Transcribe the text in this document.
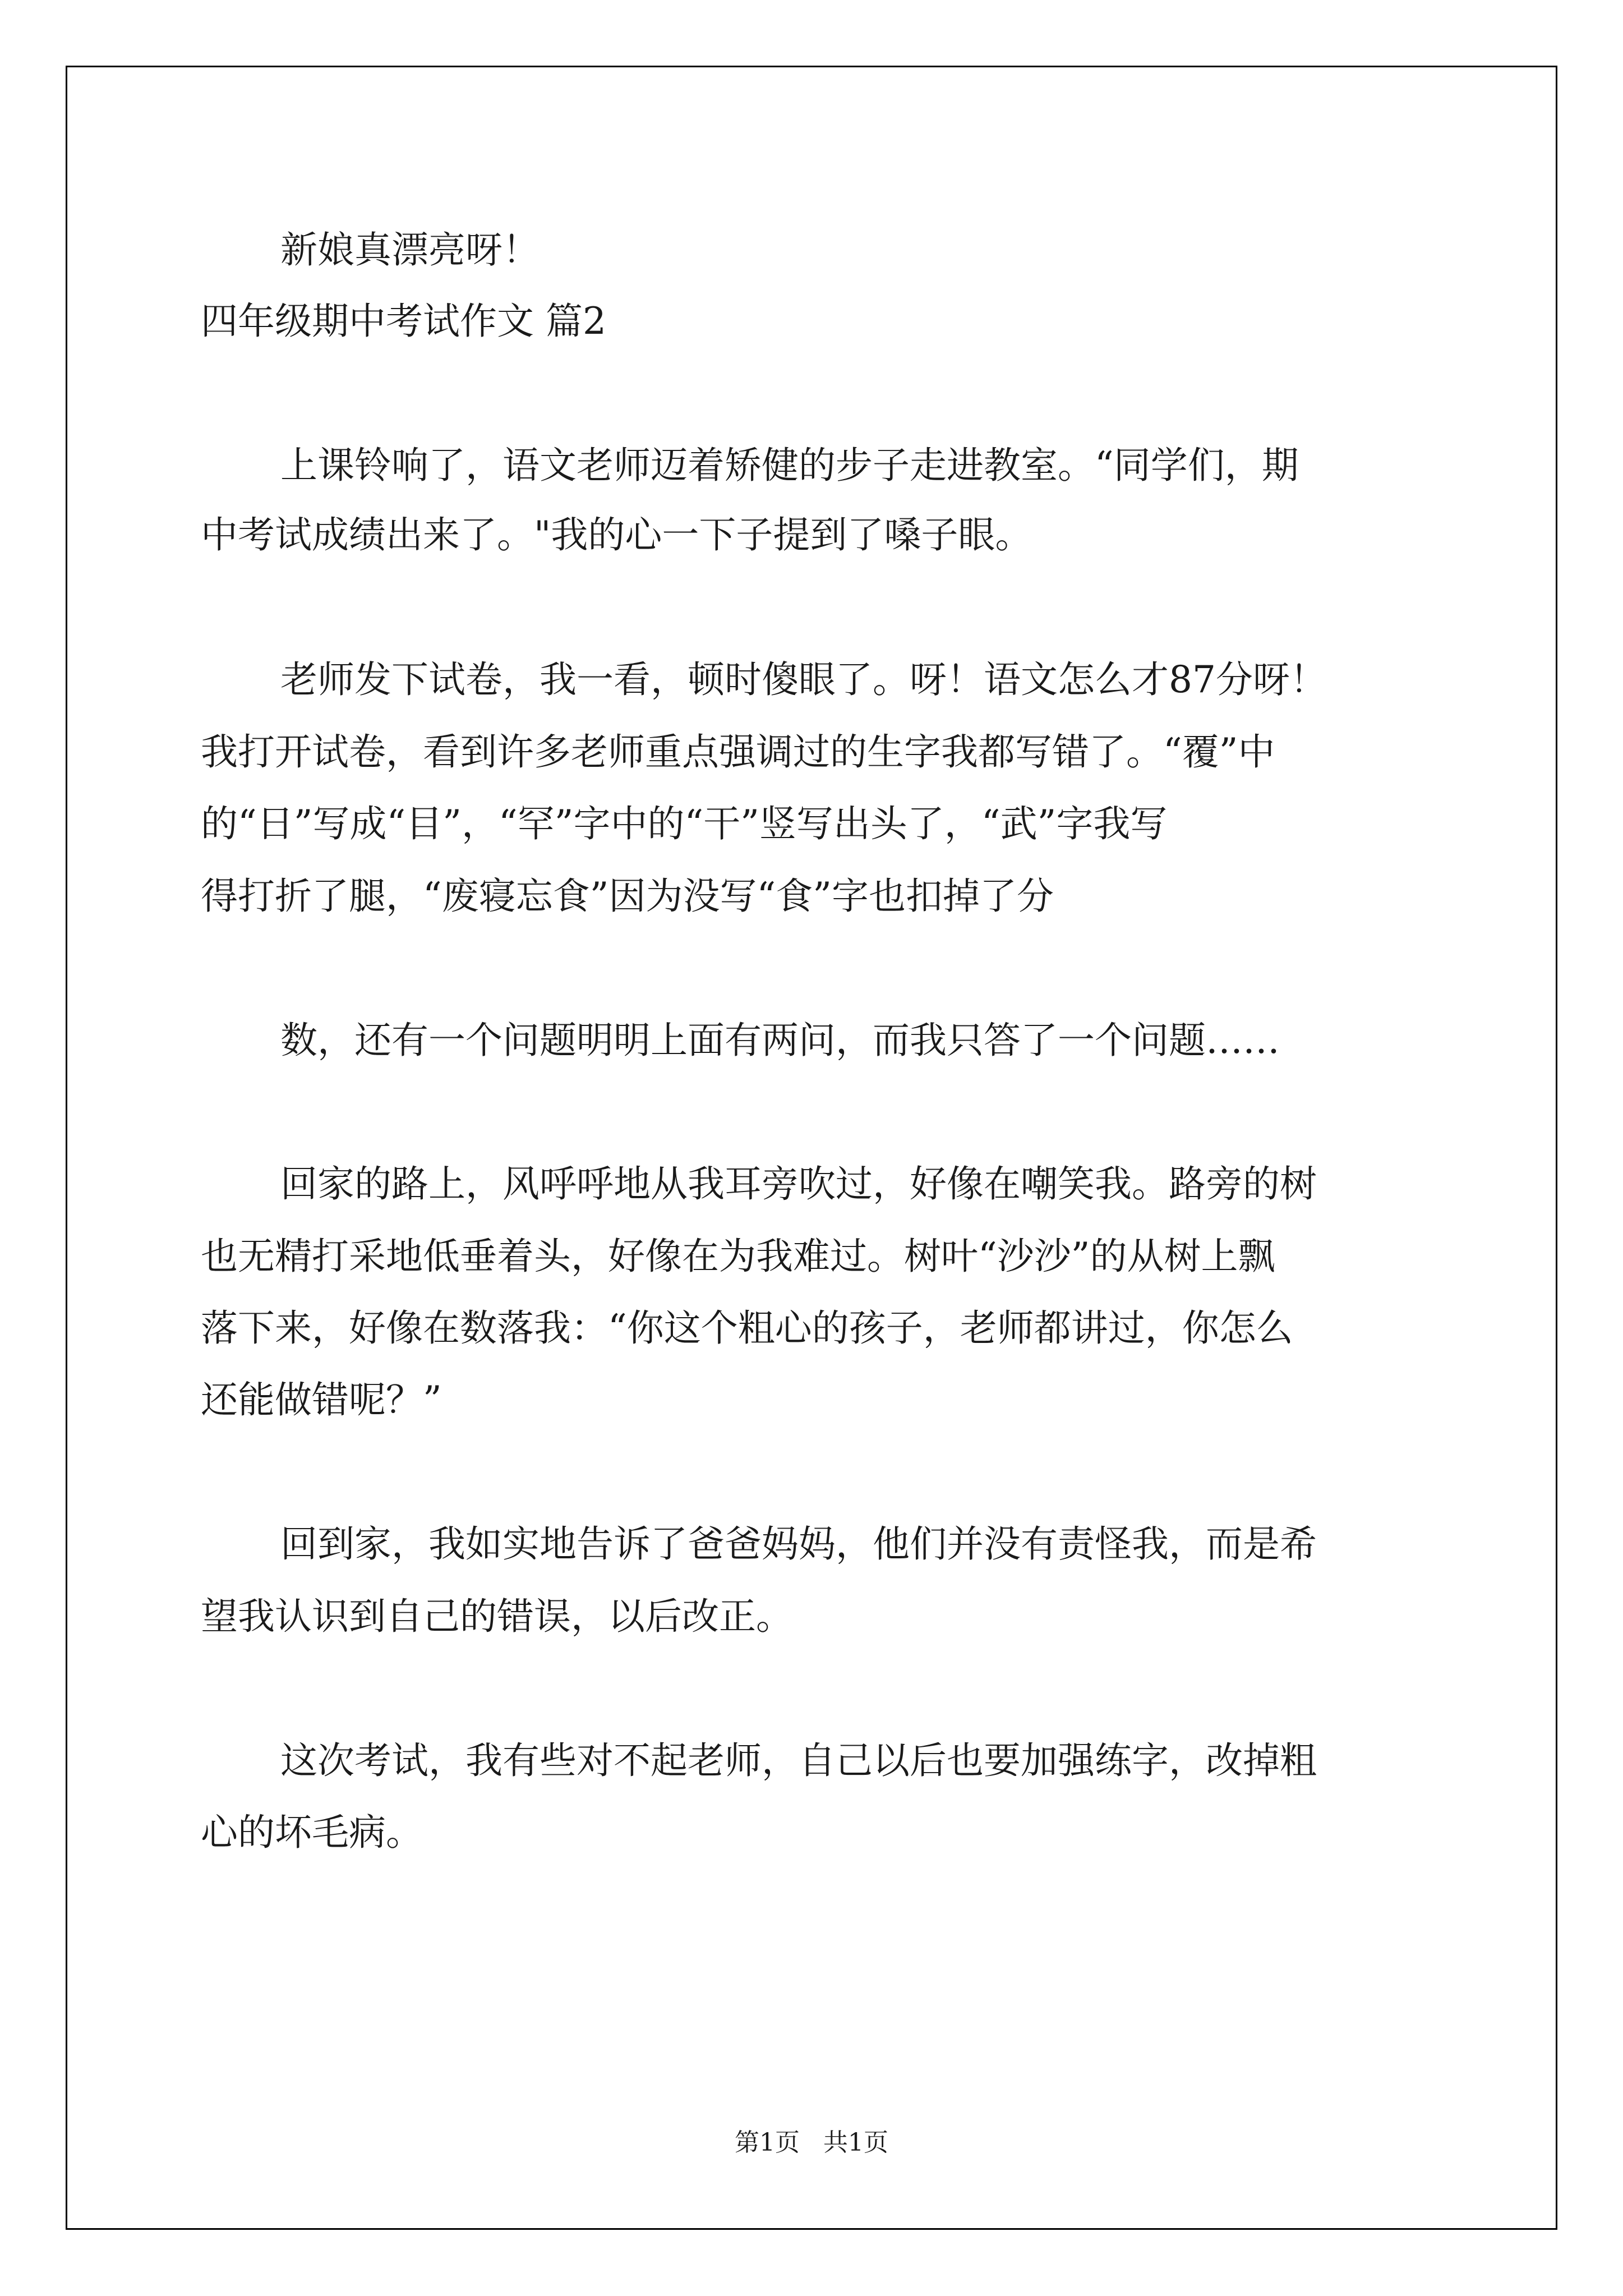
新娘真漂亮呀！
四年级期中考试作文 篇2
上课铃响了，语文老师迈着矫健的步子走进教室。“同学们，期
中考试成绩出来了。"我的心一下子提到了嗓子眼。
老师发下试卷，我一看，顿时傻眼了。呀！语文怎么才87分呀！
我打开试卷，看到许多老师重点强调过的生字我都写错了。“覆”中
的“日”写成“目”，“罕”字中的“干”竖写出头了，“武”字我写
得打折了腿，“废寝忘食”因为没写“食”字也扣掉了分
数，还有一个问题明明上面有两问，而我只答了一个问题……
回家的路上，风呼呼地从我耳旁吹过，好像在嘲笑我。路旁的树
也无精打采地低垂着头，好像在为我难过。树叶“沙沙”的从树上飘
落下来，好像在数落我：“你这个粗心的孩子，老师都讲过，你怎么
还能做错呢？”
回到家，我如实地告诉了爸爸妈妈，他们并没有责怪我，而是希
望我认识到自己的错误，以后改正。
这次考试，我有些对不起老师，自己以后也要加强练字，改掉粗
心的坏毛病。
第1页   共1页
